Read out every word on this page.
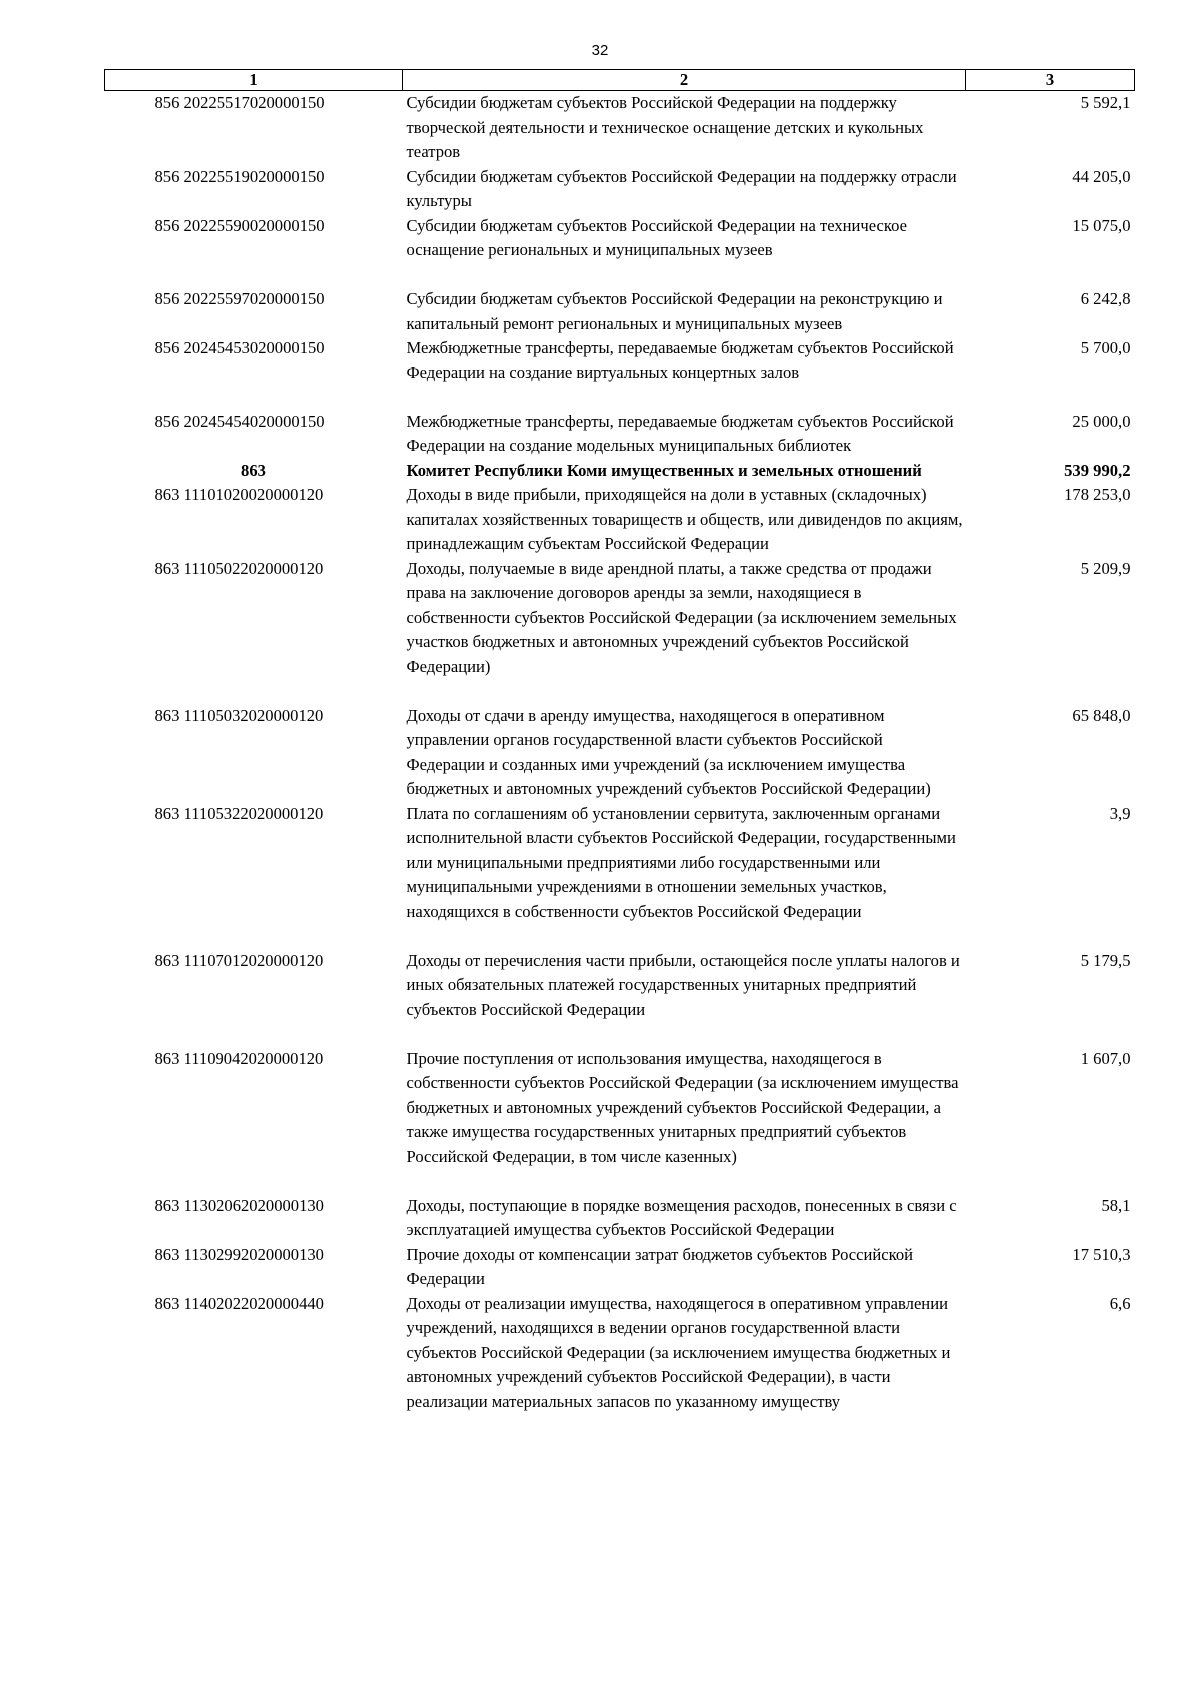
32
1	2	3
856 20225517020000150	Субсидии бюджетам субъектов Российской Федерации на поддержку творческой деятельности и техническое оснащение детских и кукольных театров	5 592,1
856 20225519020000150	Субсидии бюджетам субъектов Российской Федерации на поддержку отрасли культуры	44 205,0
856 20225590020000150	Субсидии бюджетам субъектов Российской Федерации на техническое оснащение региональных и муниципальных музеев	15 075,0
856 20225597020000150	Субсидии бюджетам субъектов Российской Федерации на реконструкцию и капитальный ремонт региональных и муниципальных музеев	6 242,8
856 20245453020000150	Межбюджетные трансферты, передаваемые бюджетам субъектов Российской Федерации на создание виртуальных концертных залов	5 700,0
856 20245454020000150	Межбюджетные трансферты, передаваемые бюджетам субъектов Российской Федерации на создание модельных муниципальных библиотек	25 000,0
863	Комитет Республики Коми имущественных и земельных отношений	539 990,2
863 11101020020000120	Доходы в виде прибыли, приходящейся на доли в уставных (складочных) капиталах хозяйственных товариществ и обществ, или дивидендов по акциям, принадлежащим субъектам Российской Федерации	178 253,0
863 11105022020000120	Доходы, получаемые в виде арендной платы, а также средства от продажи права на заключение договоров аренды за земли, находящиеся в собственности субъектов Российской Федерации (за исключением земельных участков бюджетных и автономных учреждений субъектов Российской Федерации)	5 209,9
863 11105032020000120	Доходы от сдачи в аренду имущества, находящегося в оперативном управлении органов государственной власти субъектов Российской Федерации и созданных ими учреждений (за исключением имущества бюджетных и автономных учреждений субъектов Российской Федерации)	65 848,0
863 11105322020000120	Плата по соглашениям об установлении сервитута, заключенным органами исполнительной власти субъектов Российской Федерации, государственными или муниципальными предприятиями либо государственными или муниципальными учреждениями в отношении земельных участков, находящихся в собственности субъектов Российской Федерации	3,9
863 11107012020000120	Доходы от перечисления части прибыли, остающейся после уплаты налогов и иных обязательных платежей государственных унитарных предприятий субъектов Российской Федерации	5 179,5
863 11109042020000120	Прочие поступления от использования имущества, находящегося в собственности субъектов Российской Федерации (за исключением имущества бюджетных и автономных учреждений субъектов Российской Федерации, а также имущества государственных унитарных предприятий субъектов Российской Федерации, в том числе казенных)	1 607,0
863 11302062020000130	Доходы, поступающие в порядке возмещения расходов, понесенных в связи с эксплуатацией имущества субъектов Российской Федерации	58,1
863 11302992020000130	Прочие доходы от компенсации затрат бюджетов субъектов Российской Федерации	17 510,3
863 11402022020000440	Доходы от реализации имущества, находящегося в оперативном управлении учреждений, находящихся в ведении органов государственной власти субъектов Российской Федерации (за исключением имущества бюджетных и автономных учреждений субъектов Российской Федерации), в части реализации материальных запасов по указанному имуществу	6,6
